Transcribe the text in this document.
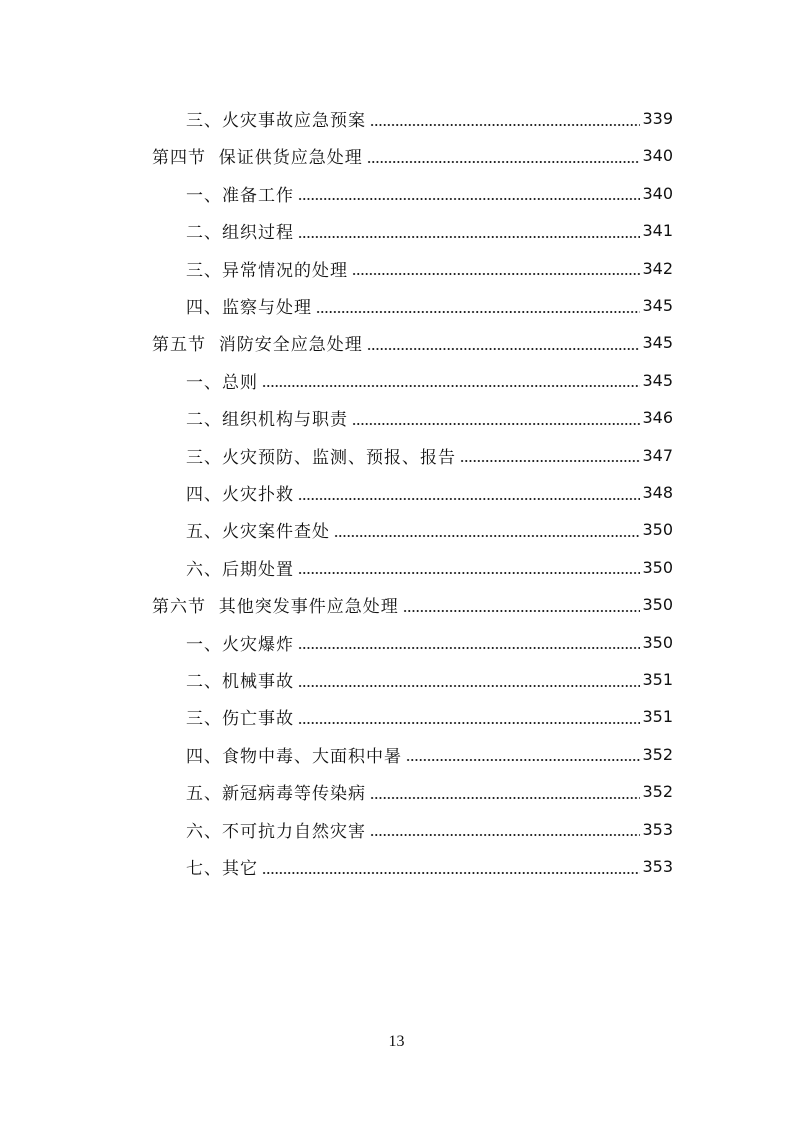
三、火灾事故应急预案	339
第四节  保证供货应急处理	340
一、准备工作	340
二、组织过程	341
三、异常情况的处理	342
四、监察与处理	345
第五节  消防安全应急处理	345
一、总则	345
二、组织机构与职责	346
三、火灾预防、监测、预报、报告	347
四、火灾扑救	348
五、火灾案件查处	350
六、后期处置	350
第六节  其他突发事件应急处理	350
一、火灾爆炸	350
二、机械事故	351
三、伤亡事故	351
四、食物中毒、大面积中暑	352
五、新冠病毒等传染病	352
六、不可抗力自然灾害	353
七、其它	353
13
